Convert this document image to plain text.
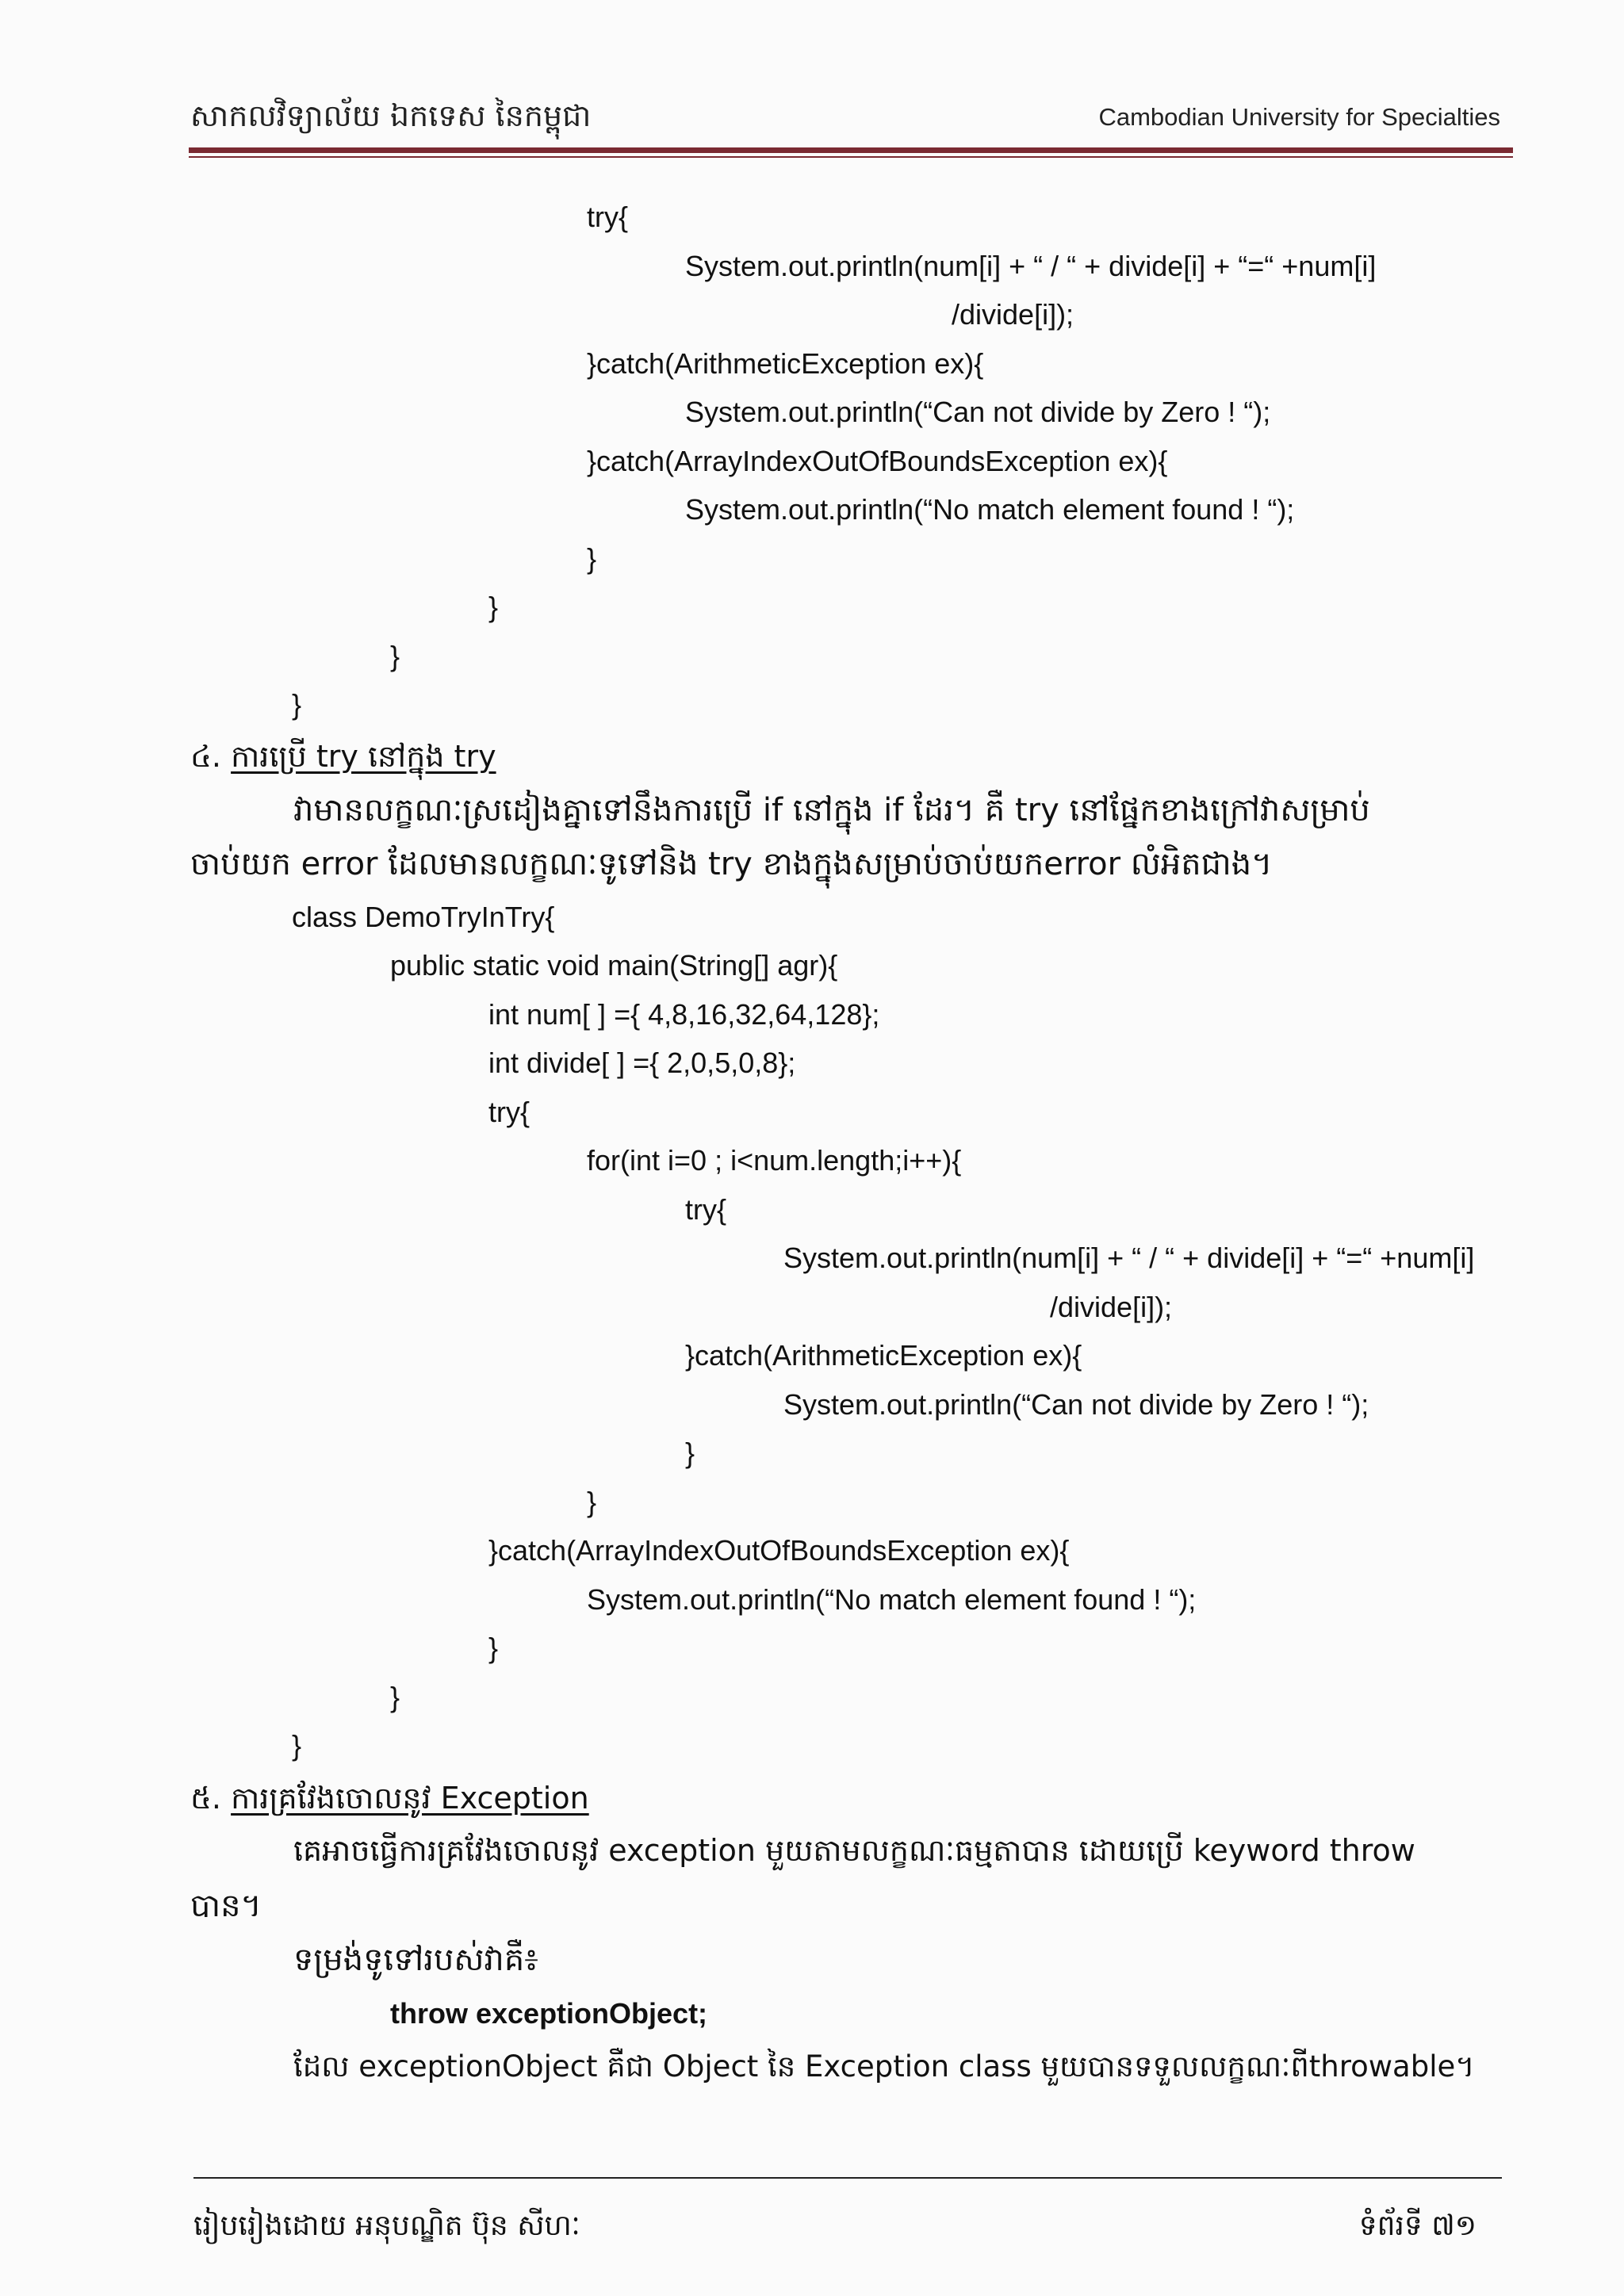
សាកលវិទ្យាល័យ ឯកទេស នៃកម្ពុជា	Cambodian University for Specialties
try{
System.out.println(num[i] + “ / “ + divide[i] + “=“ +num[i]
/divide[i]);
}catch(ArithmeticException ex){
System.out.println(“Can not divide by Zero ! “);
}catch(ArrayIndexOutOfBoundsException ex){
System.out.println(“No match element found ! “);
}
}
}
}
៤. ការប្រើ try នៅក្នុង try
វាមានលក្ខណៈស្រដៀងគ្នាទៅនឹងការប្រើ if នៅក្នុង if ដែរ។ គឺ try នៅផ្នែកខាងក្រៅវាសម្រាប់
ចាប់យក error ដែលមានលក្ខណៈទូទៅនិង try ខាងក្នុងសម្រាប់ចាប់យកerror លំអិតជាង។
class DemoTryInTry{
public static void main(String[] agr){
int num[ ] ={ 4,8,16,32,64,128};
int divide[ ] ={ 2,0,5,0,8};
try{
for(int i=0 ; i<num.length;i++){
try{
System.out.println(num[i] + “ / “ + divide[i] + “=“ +num[i]
/divide[i]);
}catch(ArithmeticException ex){
System.out.println(“Can not divide by Zero ! “);
}
}
}catch(ArrayIndexOutOfBoundsException ex){
System.out.println(“No match element found ! “);
}
}
}
៥. ការគ្រវែងចោលនូវ Exception
គេអាចធ្វើការគ្រវែងចោលនូវ exception មួយតាមលក្ខណៈធម្មតាបាន ដោយប្រើ keyword throw
បាន។
ទម្រង់ទូទៅរបស់វាគឺ៖
throw exceptionObject;
ដែល exceptionObject គឺជា Object នៃ Exception class មួយបានទទួលលក្ខណៈពីthrowable។
រៀបរៀងដោយ អនុបណ្ឌិត ប៊ុន សីហៈ	ទំព័រទី ៧១
